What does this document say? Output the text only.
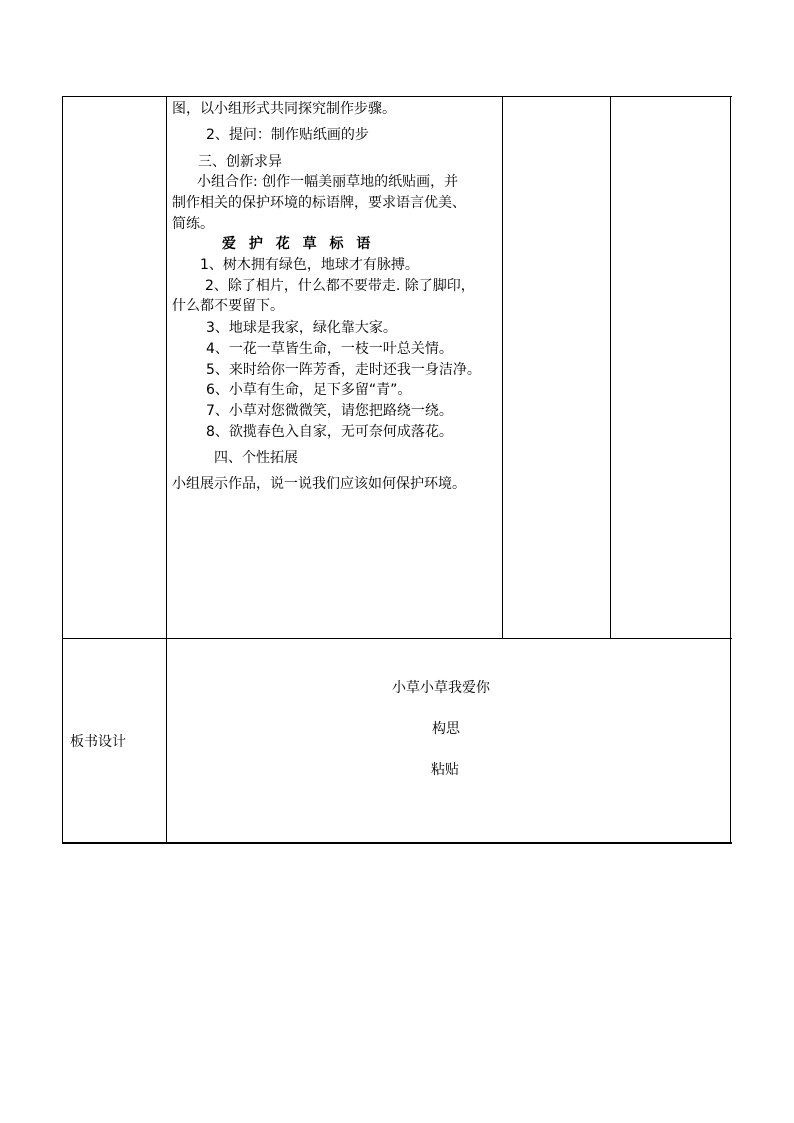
图，以小组形式共同探究制作步骤。
2、提问：制作贴纸画的步
三、创新求异
小组合作: 创作一幅美丽草地的纸贴画，并
制作相关的保护环境的标语牌，要求语言优美、
简练。
爱 护 花 草 标 语
1、树木拥有绿色，地球才有脉搏。
2、除了相片，什么都不要带走. 除了脚印，
什么都不要留下。
3、地球是我家，绿化靠大家。
4、一花一草皆生命，一枝一叶总关情。
5、来时给你一阵芳香，走时还我一身洁净。
6、小草有生命，足下多留“青”。
7、小草对您微微笑，请您把路绕一绕。
8、欲揽春色入自家，无可奈何成落花。
四、个性拓展
小组展示作品，说一说我们应该如何保护环境。
板书设计
小草小草我爱你
构思
粘贴
